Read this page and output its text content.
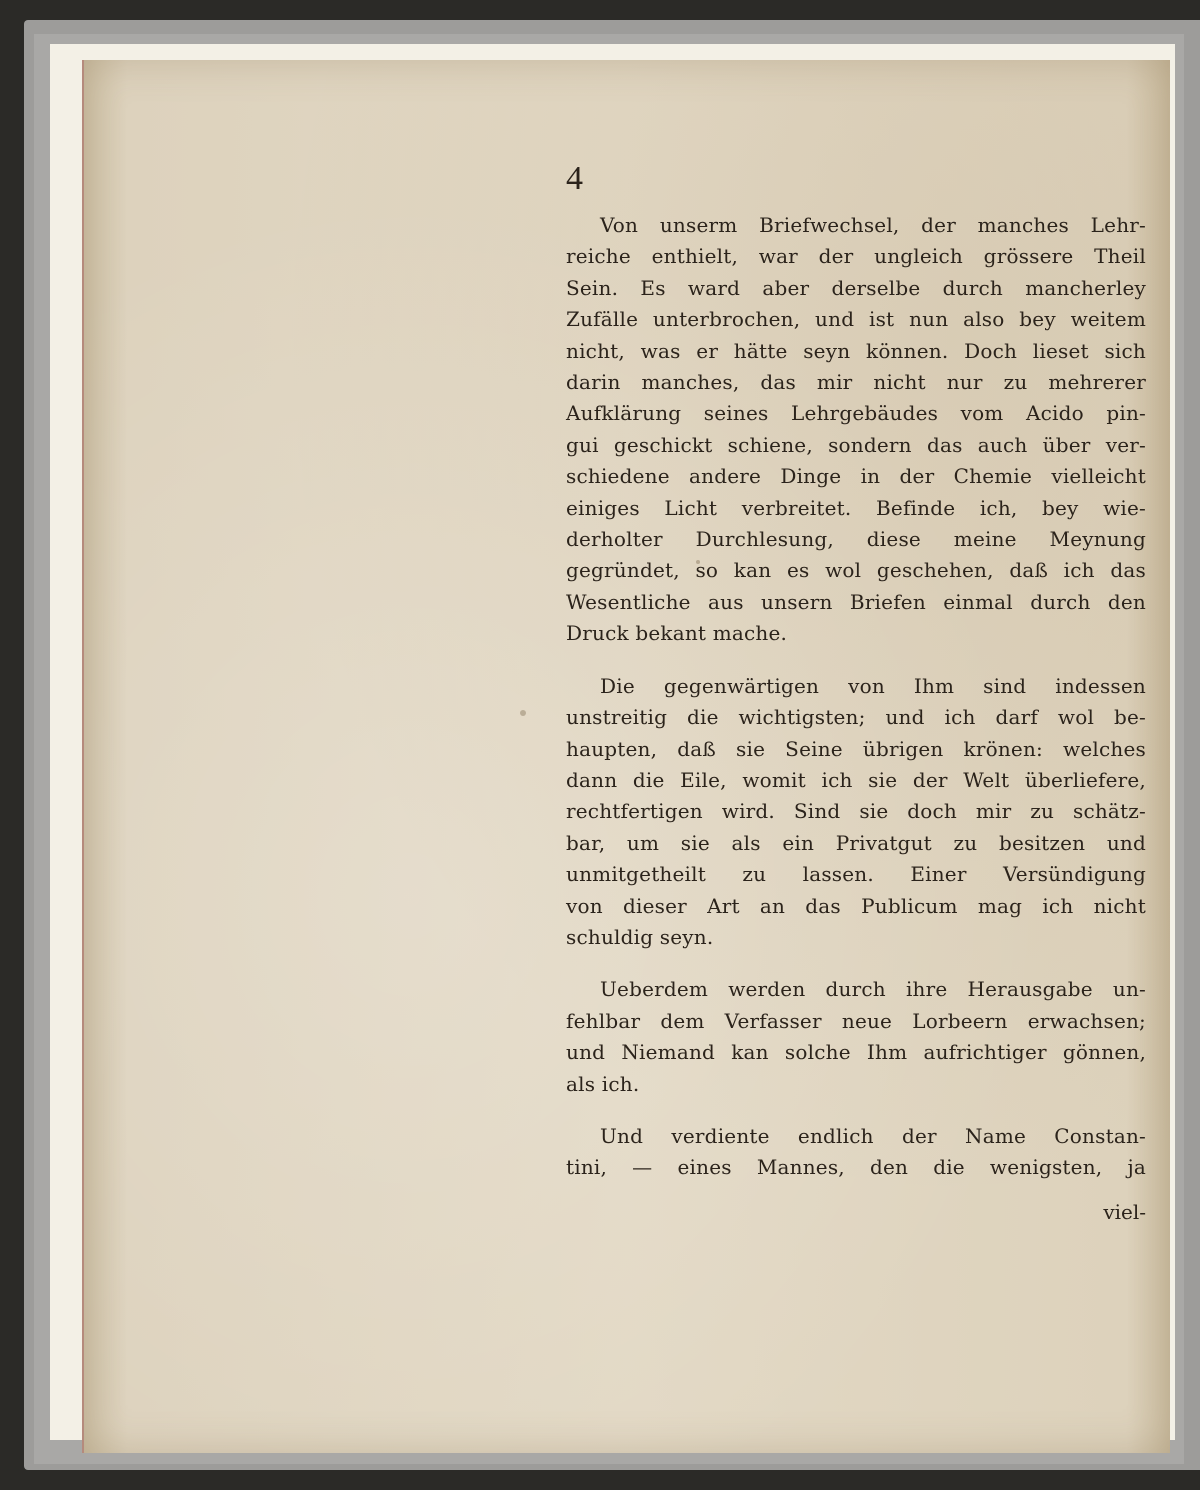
4
Von unserm Briefwechsel, der manches Lehr-
reiche enthielt, war der ungleich grössere Theil
Sein. Es ward aber derselbe durch mancherley
Zufälle unterbrochen, und ist nun also bey weitem
nicht, was er hätte seyn können. Doch lieset sich
darin manches, das mir nicht nur zu mehrerer
Aufklärung seines Lehrgebäudes vom Acido pin-
gui geschickt schiene, sondern das auch über ver-
schiedene andere Dinge in der Chemie vielleicht
einiges Licht verbreitet. Befinde ich, bey wie-
derholter Durchlesung, diese meine Meynung
gegründet, so kan es wol geschehen, daß ich das
Wesentliche aus unsern Briefen einmal durch den
Druck bekant mache.
Die gegenwärtigen von Ihm sind indessen
unstreitig die wichtigsten; und ich darf wol be-
haupten, daß sie Seine übrigen krönen: welches
dann die Eile, womit ich sie der Welt überliefere,
rechtfertigen wird. Sind sie doch mir zu schätz-
bar, um sie als ein Privatgut zu besitzen und
unmitgetheilt zu lassen. Einer Versündigung
von dieser Art an das Publicum mag ich nicht
schuldig seyn.
Ueberdem werden durch ihre Herausgabe un-
fehlbar dem Verfasser neue Lorbeern erwachsen;
und Niemand kan solche Ihm aufrichtiger gönnen,
als ich.
Und verdiente endlich der Name Constan-
tini, — eines Mannes, den die wenigsten, ja
viel-
